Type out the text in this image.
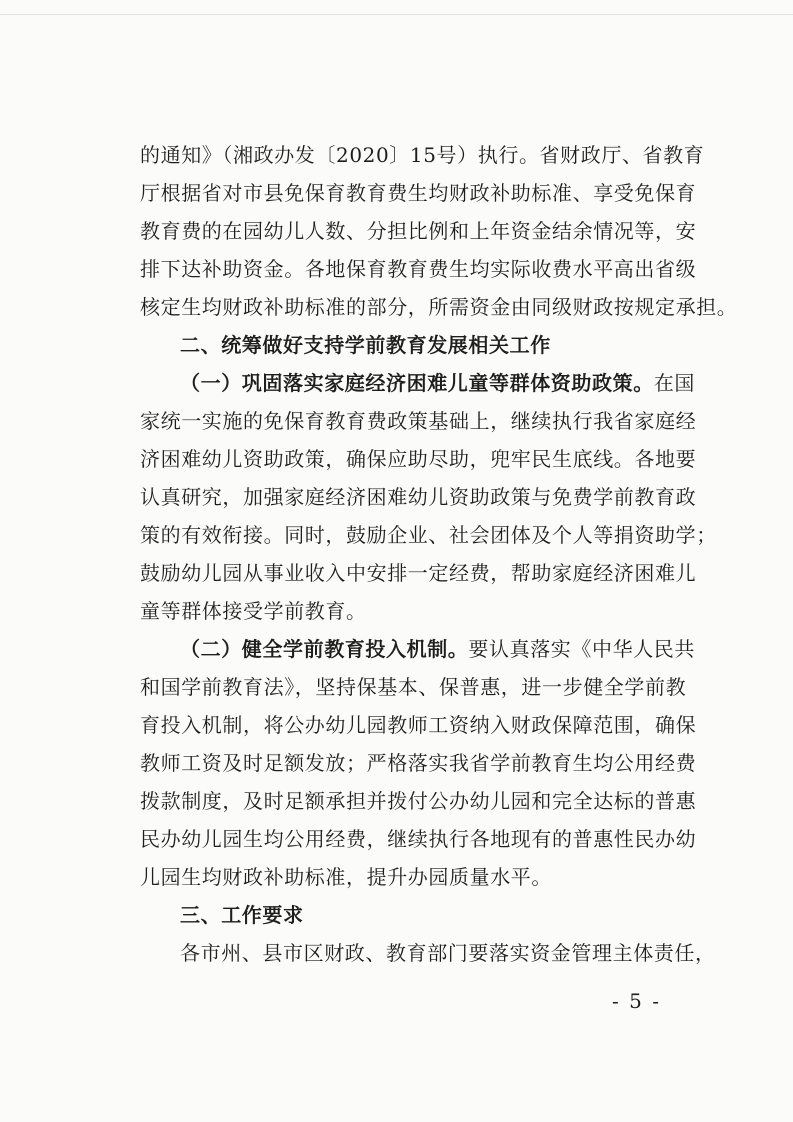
的通知》（湘政办发〔2020〕15号）执行。省财政厅、省教育
厅根据省对市县免保育教育费生均财政补助标准、享受免保育
教育费的在园幼儿人数、分担比例和上年资金结余情况等，安
排下达补助资金。各地保育教育费生均实际收费水平高出省级
核定生均财政补助标准的部分，所需资金由同级财政按规定承担。
二、统筹做好支持学前教育发展相关工作
（一）巩固落实家庭经济困难儿童等群体资助政策。在国
家统一实施的免保育教育费政策基础上，继续执行我省家庭经
济困难幼儿资助政策，确保应助尽助，兜牢民生底线。各地要
认真研究，加强家庭经济困难幼儿资助政策与免费学前教育政
策的有效衔接。同时，鼓励企业、社会团体及个人等捐资助学；
鼓励幼儿园从事业收入中安排一定经费，帮助家庭经济困难儿
童等群体接受学前教育。
（二）健全学前教育投入机制。要认真落实《中华人民共
和国学前教育法》，坚持保基本、保普惠，进一步健全学前教
育投入机制，将公办幼儿园教师工资纳入财政保障范围，确保
教师工资及时足额发放；严格落实我省学前教育生均公用经费
拨款制度，及时足额承担并拨付公办幼儿园和完全达标的普惠
民办幼儿园生均公用经费，继续执行各地现有的普惠性民办幼
儿园生均财政补助标准，提升办园质量水平。
三、工作要求
各市州、县市区财政、教育部门要落实资金管理主体责任，
- 5 -
